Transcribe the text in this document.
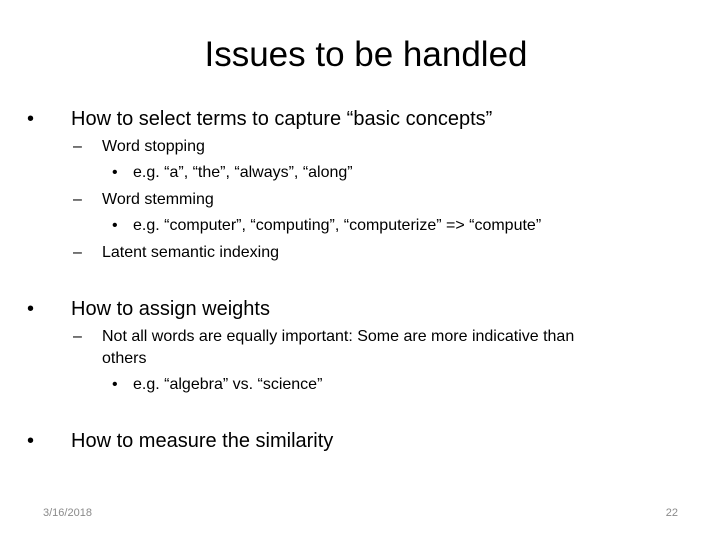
Issues to be handled
• How to select terms to capture “basic concepts”
– Word stopping
• e.g. “a”, “the”, “always”, “along”
– Word stemming
• e.g. “computer”, “computing”, “computerize” => “compute”
– Latent semantic indexing
• How to assign weights
– Not all words are equally important: Some are more indicative than
others
• e.g. “algebra” vs. “science”
• How to measure the similarity
3/16/2018	22
